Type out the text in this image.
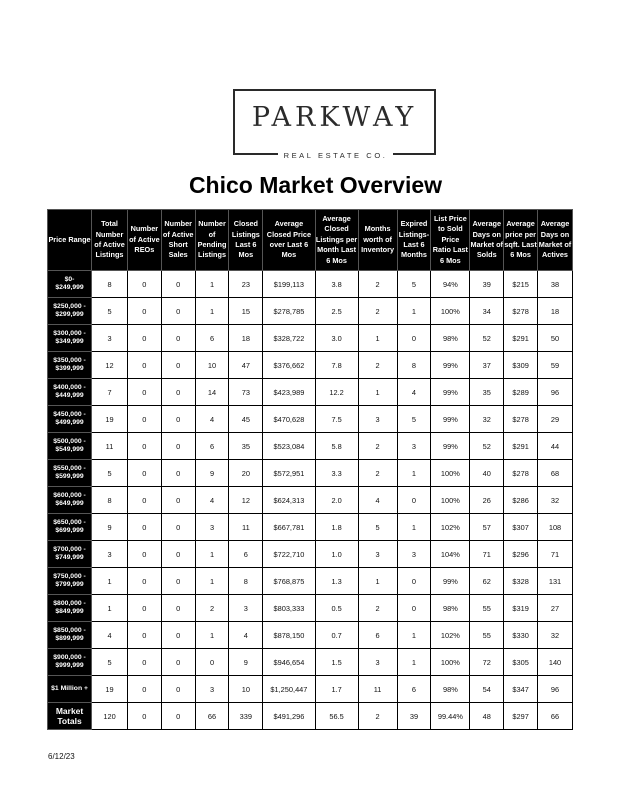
PARKWAY
REAL ESTATE CO.
Chico Market Overview
Price Range	Total Number of Active Listings	Number of Active REOs	Number of Active Short Sales	Number of Pending Listings	Closed Listings Last 6 Mos	Average Closed Price over Last 6 Mos	Average Closed Listings per Month Last 6 Mos	Months worth of Inventory	Expired Listings- Last 6 Months	List Price to Sold Price Ratio Last 6 Mos	Average Days on Market of Solds	Average price per sqft. Last 6 Mos	Average Days on Market of Actives
$0-
$249,999	8	0	0	1	23	$199,113	3.8	2	5	94%	39	$215	38
$250,000 -
$299,999	5	0	0	1	15	$278,785	2.5	2	1	100%	34	$278	18
$300,000 -
$349,999	3	0	0	6	18	$328,722	3.0	1	0	98%	52	$291	50
$350,000 -
$399,999	12	0	0	10	47	$376,662	7.8	2	8	99%	37	$309	59
$400,000 -
$449,999	7	0	0	14	73	$423,989	12.2	1	4	99%	35	$289	96
$450,000 -
$499,999	19	0	0	4	45	$470,628	7.5	3	5	99%	32	$278	29
$500,000 -
$549,999	11	0	0	6	35	$523,084	5.8	2	3	99%	52	$291	44
$550,000 -
$599,999	5	0	0	9	20	$572,951	3.3	2	1	100%	40	$278	68
$600,000 -
$649,999	8	0	0	4	12	$624,313	2.0	4	0	100%	26	$286	32
$650,000 -
$699,999	9	0	0	3	11	$667,781	1.8	5	1	102%	57	$307	108
$700,000 -
$749,999	3	0	0	1	6	$722,710	1.0	3	3	104%	71	$296	71
$750,000 -
$799,999	1	0	0	1	8	$768,875	1.3	1	0	99%	62	$328	131
$800,000 -
$849,999	1	0	0	2	3	$803,333	0.5	2	0	98%	55	$319	27
$850,000 -
$899,999	4	0	0	1	4	$878,150	0.7	6	1	102%	55	$330	32
$900,000 -
$999,999	5	0	0	0	9	$946,654	1.5	3	1	100%	72	$305	140
$1 Million +	19	0	0	3	10	$1,250,447	1.7	11	6	98%	54	$347	96
Market
Totals	120	0	0	66	339	$491,296	56.5	2	39	99.44%	48	$297	66
6/12/23
